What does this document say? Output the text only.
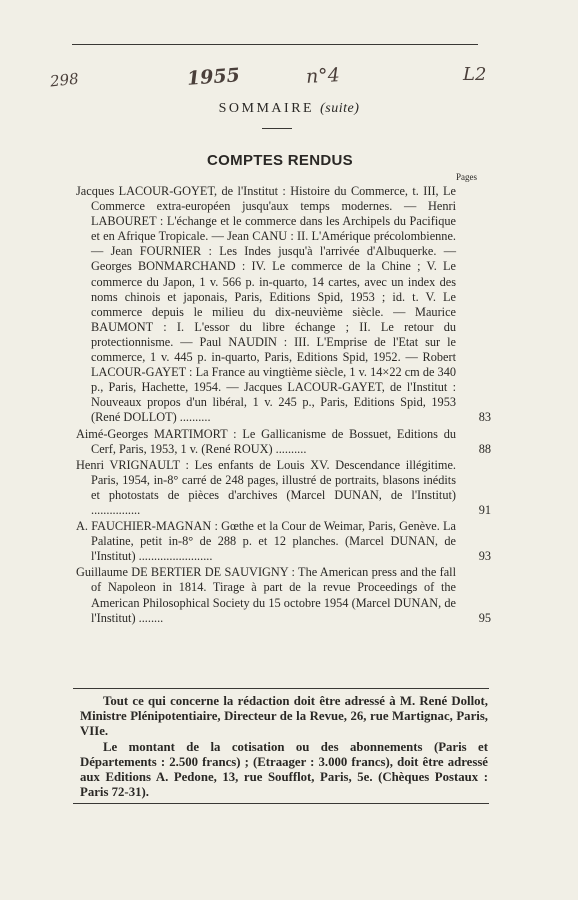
298	1955	n°4	L2
SOMMAIRE (suite)
COMPTES RENDUS
Pages
Jacques LACOUR-GOYET, de l'Institut : Histoire du Commerce, t. III, Le Commerce extra-européen jusqu'aux temps modernes. — Henri LABOURET : L'échange et le commerce dans les Archipels du Pacifique et en Afrique Tropicale. — Jean CANU : II. L'Amérique précolombienne. — Jean FOURNIER : Les Indes jusqu'à l'arrivée d'Albuquerke. — Georges BONMARCHAND : IV. Le commerce de la Chine ; V. Le commerce du Japon, 1 v. 566 p. in-quarto, 14 cartes, avec un index des noms chinois et japonais, Paris, Editions Spid, 1953 ; id. t. V. Le commerce depuis le milieu du dix-neuvième siècle. — Maurice BAUMONT : I. L'essor du libre échange ; II. Le retour du protectionnisme. — Paul NAUDIN : III. L'Emprise de l'Etat sur le commerce, 1 v. 445 p. in-quarto, Paris, Editions Spid, 1952. — Robert LACOUR-GAYET : La France au vingtième siècle, 1 v. 14×22 cm de 340 p., Paris, Hachette, 1954. — Jacques LACOUR-GAYET, de l'Institut : Nouveaux propos d'un libéral, 1 v. 245 p., Paris, Editions Spid, 1953 (René DOLLOT) ..........	83
Aimé-Georges MARTIMORT : Le Gallicanisme de Bossuet, Editions du Cerf, Paris, 1953, 1 v. (René ROUX) ..........	88
Henri VRIGNAULT : Les enfants de Louis XV. Descendance illégitime. Paris, 1954, in-8° carré de 248 pages, illustré de portraits, blasons inédits et photostats de pièces d'archives (Marcel DUNAN, de l'Institut) ................	91
A. FAUCHIER-MAGNAN : Gœthe et la Cour de Weimar, Paris, Genève. La Palatine, petit in-8° de 288 p. et 12 planches. (Marcel DUNAN, de l'Institut) ........................	93
Guillaume DE BERTIER DE SAUVIGNY : The American press and the fall of Napoleon in 1814. Tirage à part de la revue Proceedings of the American Philosophical Society du 15 octobre 1954 (Marcel DUNAN, de l'Institut) ........	95

Tout ce qui concerne la rédaction doit être adressé à M. René Dollot, Ministre Plénipotentiaire, Directeur de la Revue, 26, rue Martignac, Paris, VIIe.

Le montant de la cotisation ou des abonnements (Paris et Départements : 2.500 francs) ; (Etraager : 3.000 francs), doit être adressé aux Editions A. Pedone, 13, rue Soufflot, Paris, 5e. (Chèques Postaux : Paris 72-31).
